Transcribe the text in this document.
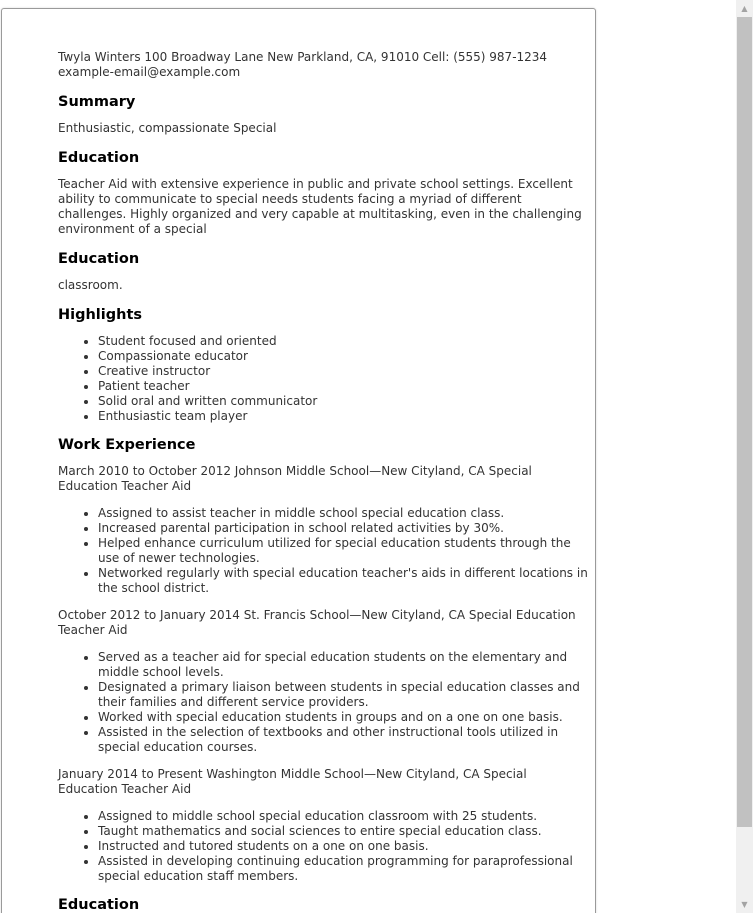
Twyla Winters 100 Broadway Lane New Parkland, CA, 91010 Cell: (555) 987-1234 example-email@example.com

Summary

Enthusiastic, compassionate Special

Education

Teacher Aid with extensive experience in public and private school settings. Excellent ability to communicate to special needs students facing a myriad of different challenges. Highly organized and very capable at multitasking, even in the challenging environment of a special

Education

classroom.

Highlights
• Student focused and oriented
• Compassionate educator
• Creative instructor
• Patient teacher
• Solid oral and written communicator
• Enthusiastic team player
Work Experience

March 2010 to October 2012 Johnson Middle School—New Cityland, CA Special Education Teacher Aid

• Assigned to assist teacher in middle school special education class.
• Increased parental participation in school related activities by 30%.
• Helped enhance curriculum utilized for special education students through the use of newer technologies.
• Networked regularly with special education teacher's aids in different locations in the school district.

October 2012 to January 2014 St. Francis School—New Cityland, CA Special Education Teacher Aid

• Served as a teacher aid for special education students on the elementary and middle school levels.
• Designated a primary liaison between students in special education classes and their families and different service providers.
• Worked with special education students in groups and on a one on one basis.
• Assisted in the selection of textbooks and other instructional tools utilized in special education courses.

January 2014 to Present Washington Middle School—New Cityland, CA Special Education Teacher Aid

• Assigned to middle school special education classroom with 25 students.
• Taught mathematics and social sciences to entire special education class.
• Instructed and tutored students on a one on one basis.
• Assisted in developing continuing education programming for paraprofessional special education staff members.
Education
▲
▼
